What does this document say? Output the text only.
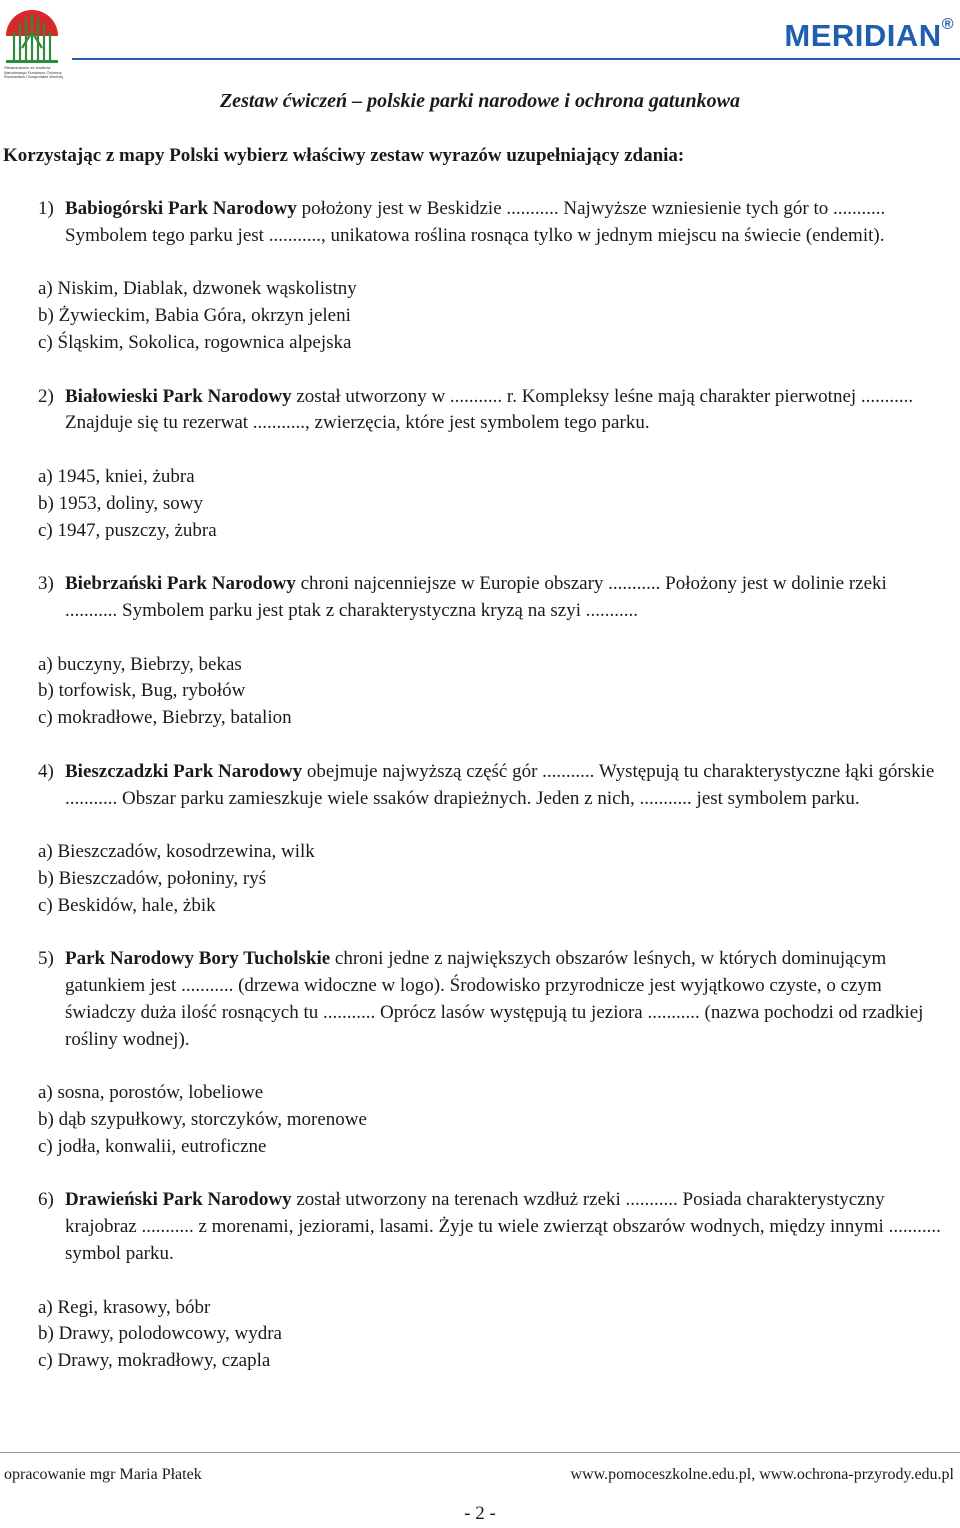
Sfinansowano ze środków
Narodowego Funduszu Ochrony
Środowiska i Gospodarki Wodnej
MERIDIAN®
Zestaw ćwiczeń – polskie parki narodowe i ochrona gatunkowa
Korzystając z mapy Polski wybierz właściwy zestaw wyrazów uzupełniający zdania:
1) Babiogórski Park Narodowy położony jest w Beskidzie ........... Najwyższe wzniesienie tych gór to ........... Symbolem tego parku jest ..........., unikatowa roślina rosnąca tylko w jednym miejscu na świecie (endemit).
a) Niskim, Diablak, dzwonek wąskolistny
b) Żywieckim, Babia Góra, okrzyn jeleni
c) Śląskim, Sokolica, rogownica alpejska
2) Białowieski Park Narodowy został utworzony w ........... r. Kompleksy leśne mają charakter pierwotnej ........... Znajduje się tu rezerwat ..........., zwierzęcia, które jest symbolem tego parku.
a) 1945, kniei, żubra
b) 1953, doliny, sowy
c) 1947, puszczy, żubra
3) Biebrzański Park Narodowy chroni najcenniejsze w Europie obszary ........... Położony jest w dolinie rzeki ........... Symbolem parku jest ptak z charakterystyczna kryzą na szyi ...........
a) buczyny, Biebrzy, bekas
b) torfowisk, Bug, rybołów
c) mokradłowe, Biebrzy, batalion
4) Bieszczadzki Park Narodowy obejmuje najwyższą część gór ........... Występują tu charakterystyczne łąki górskie ........... Obszar parku zamieszkuje wiele ssaków drapieżnych. Jeden z nich, ........... jest symbolem parku.
a) Bieszczadów, kosodrzewina, wilk
b) Bieszczadów, połoniny, ryś
c) Beskidów, hale, żbik
5) Park Narodowy Bory Tucholskie chroni jedne z największych obszarów leśnych, w których dominującym gatunkiem jest ........... (drzewa widoczne w logo). Środowisko przyrodnicze jest wyjątkowo czyste, o czym świadczy duża ilość rosnących tu ........... Oprócz lasów występują tu jeziora ........... (nazwa pochodzi od rzadkiej rośliny wodnej).
a) sosna, porostów, lobeliowe
b) dąb szypułkowy, storczyków, morenowe
c) jodła, konwalii, eutroficzne
6) Drawieński Park Narodowy został utworzony na terenach wzdłuż rzeki ........... Posiada charakterystyczny krajobraz ........... z morenami, jeziorami, lasami. Żyje tu wiele zwierząt obszarów wodnych, między innymi ........... symbol parku.
a) Regi, krasowy, bóbr
b) Drawy, polodowcowy, wydra
c) Drawy, mokradłowy, czapla
opracowanie mgr Maria Płatek	www.pomoceszkolne.edu.pl, www.ochrona-przyrody.edu.pl
- 2 -
